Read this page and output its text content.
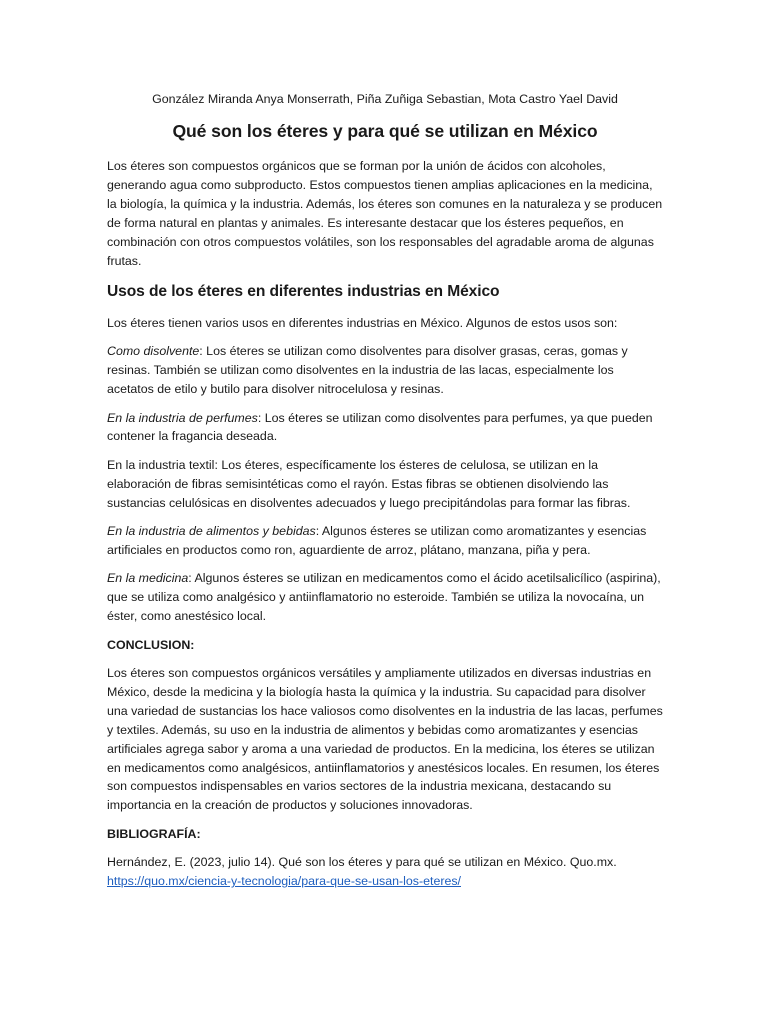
González Miranda Anya Monserrath, Piña Zuñiga Sebastian, Mota Castro Yael David
Qué son los éteres y para qué se utilizan en México

Los éteres son compuestos orgánicos que se forman por la unión de ácidos con alcoholes, generando agua como subproducto. Estos compuestos tienen amplias aplicaciones en la medicina, la biología, la química y la industria. Además, los éteres son comunes en la naturaleza y se producen de forma natural en plantas y animales. Es interesante destacar que los ésteres pequeños, en combinación con otros compuestos volátiles, son los responsables del agradable aroma de algunas frutas.

Usos de los éteres en diferentes industrias en México

Los éteres tienen varios usos en diferentes industrias en México. Algunos de estos usos son:

Como disolvente: Los éteres se utilizan como disolventes para disolver grasas, ceras, gomas y resinas. También se utilizan como disolventes en la industria de las lacas, especialmente los acetatos de etilo y butilo para disolver nitrocelulosa y resinas.

En la industria de perfumes: Los éteres se utilizan como disolventes para perfumes, ya que pueden contener la fragancia deseada.

En la industria textil: Los éteres, específicamente los ésteres de celulosa, se utilizan en la elaboración de fibras semisintéticas como el rayón. Estas fibras se obtienen disolviendo las sustancias celulósicas en disolventes adecuados y luego precipitándolas para formar las fibras.

En la industria de alimentos y bebidas: Algunos ésteres se utilizan como aromatizantes y esencias artificiales en productos como ron, aguardiente de arroz, plátano, manzana, piña y pera.

En la medicina: Algunos ésteres se utilizan en medicamentos como el ácido acetilsalicílico (aspirina), que se utiliza como analgésico y antiinflamatorio no esteroide. También se utiliza la novocaína, un éster, como anestésico local.

CONCLUSION:

Los éteres son compuestos orgánicos versátiles y ampliamente utilizados en diversas industrias en México, desde la medicina y la biología hasta la química y la industria. Su capacidad para disolver una variedad de sustancias los hace valiosos como disolventes en la industria de las lacas, perfumes y textiles. Además, su uso en la industria de alimentos y bebidas como aromatizantes y esencias artificiales agrega sabor y aroma a una variedad de productos. En la medicina, los éteres se utilizan en medicamentos como analgésicos, antiinflamatorios y anestésicos locales. En resumen, los éteres son compuestos indispensables en varios sectores de la industria mexicana, destacando su importancia en la creación de productos y soluciones innovadoras.

BIBLIOGRAFÍA:

Hernández, E. (2023, julio 14). Qué son los éteres y para qué se utilizan en México. Quo.mx.
https://quo.mx/ciencia-y-tecnologia/para-que-se-usan-los-eteres/
